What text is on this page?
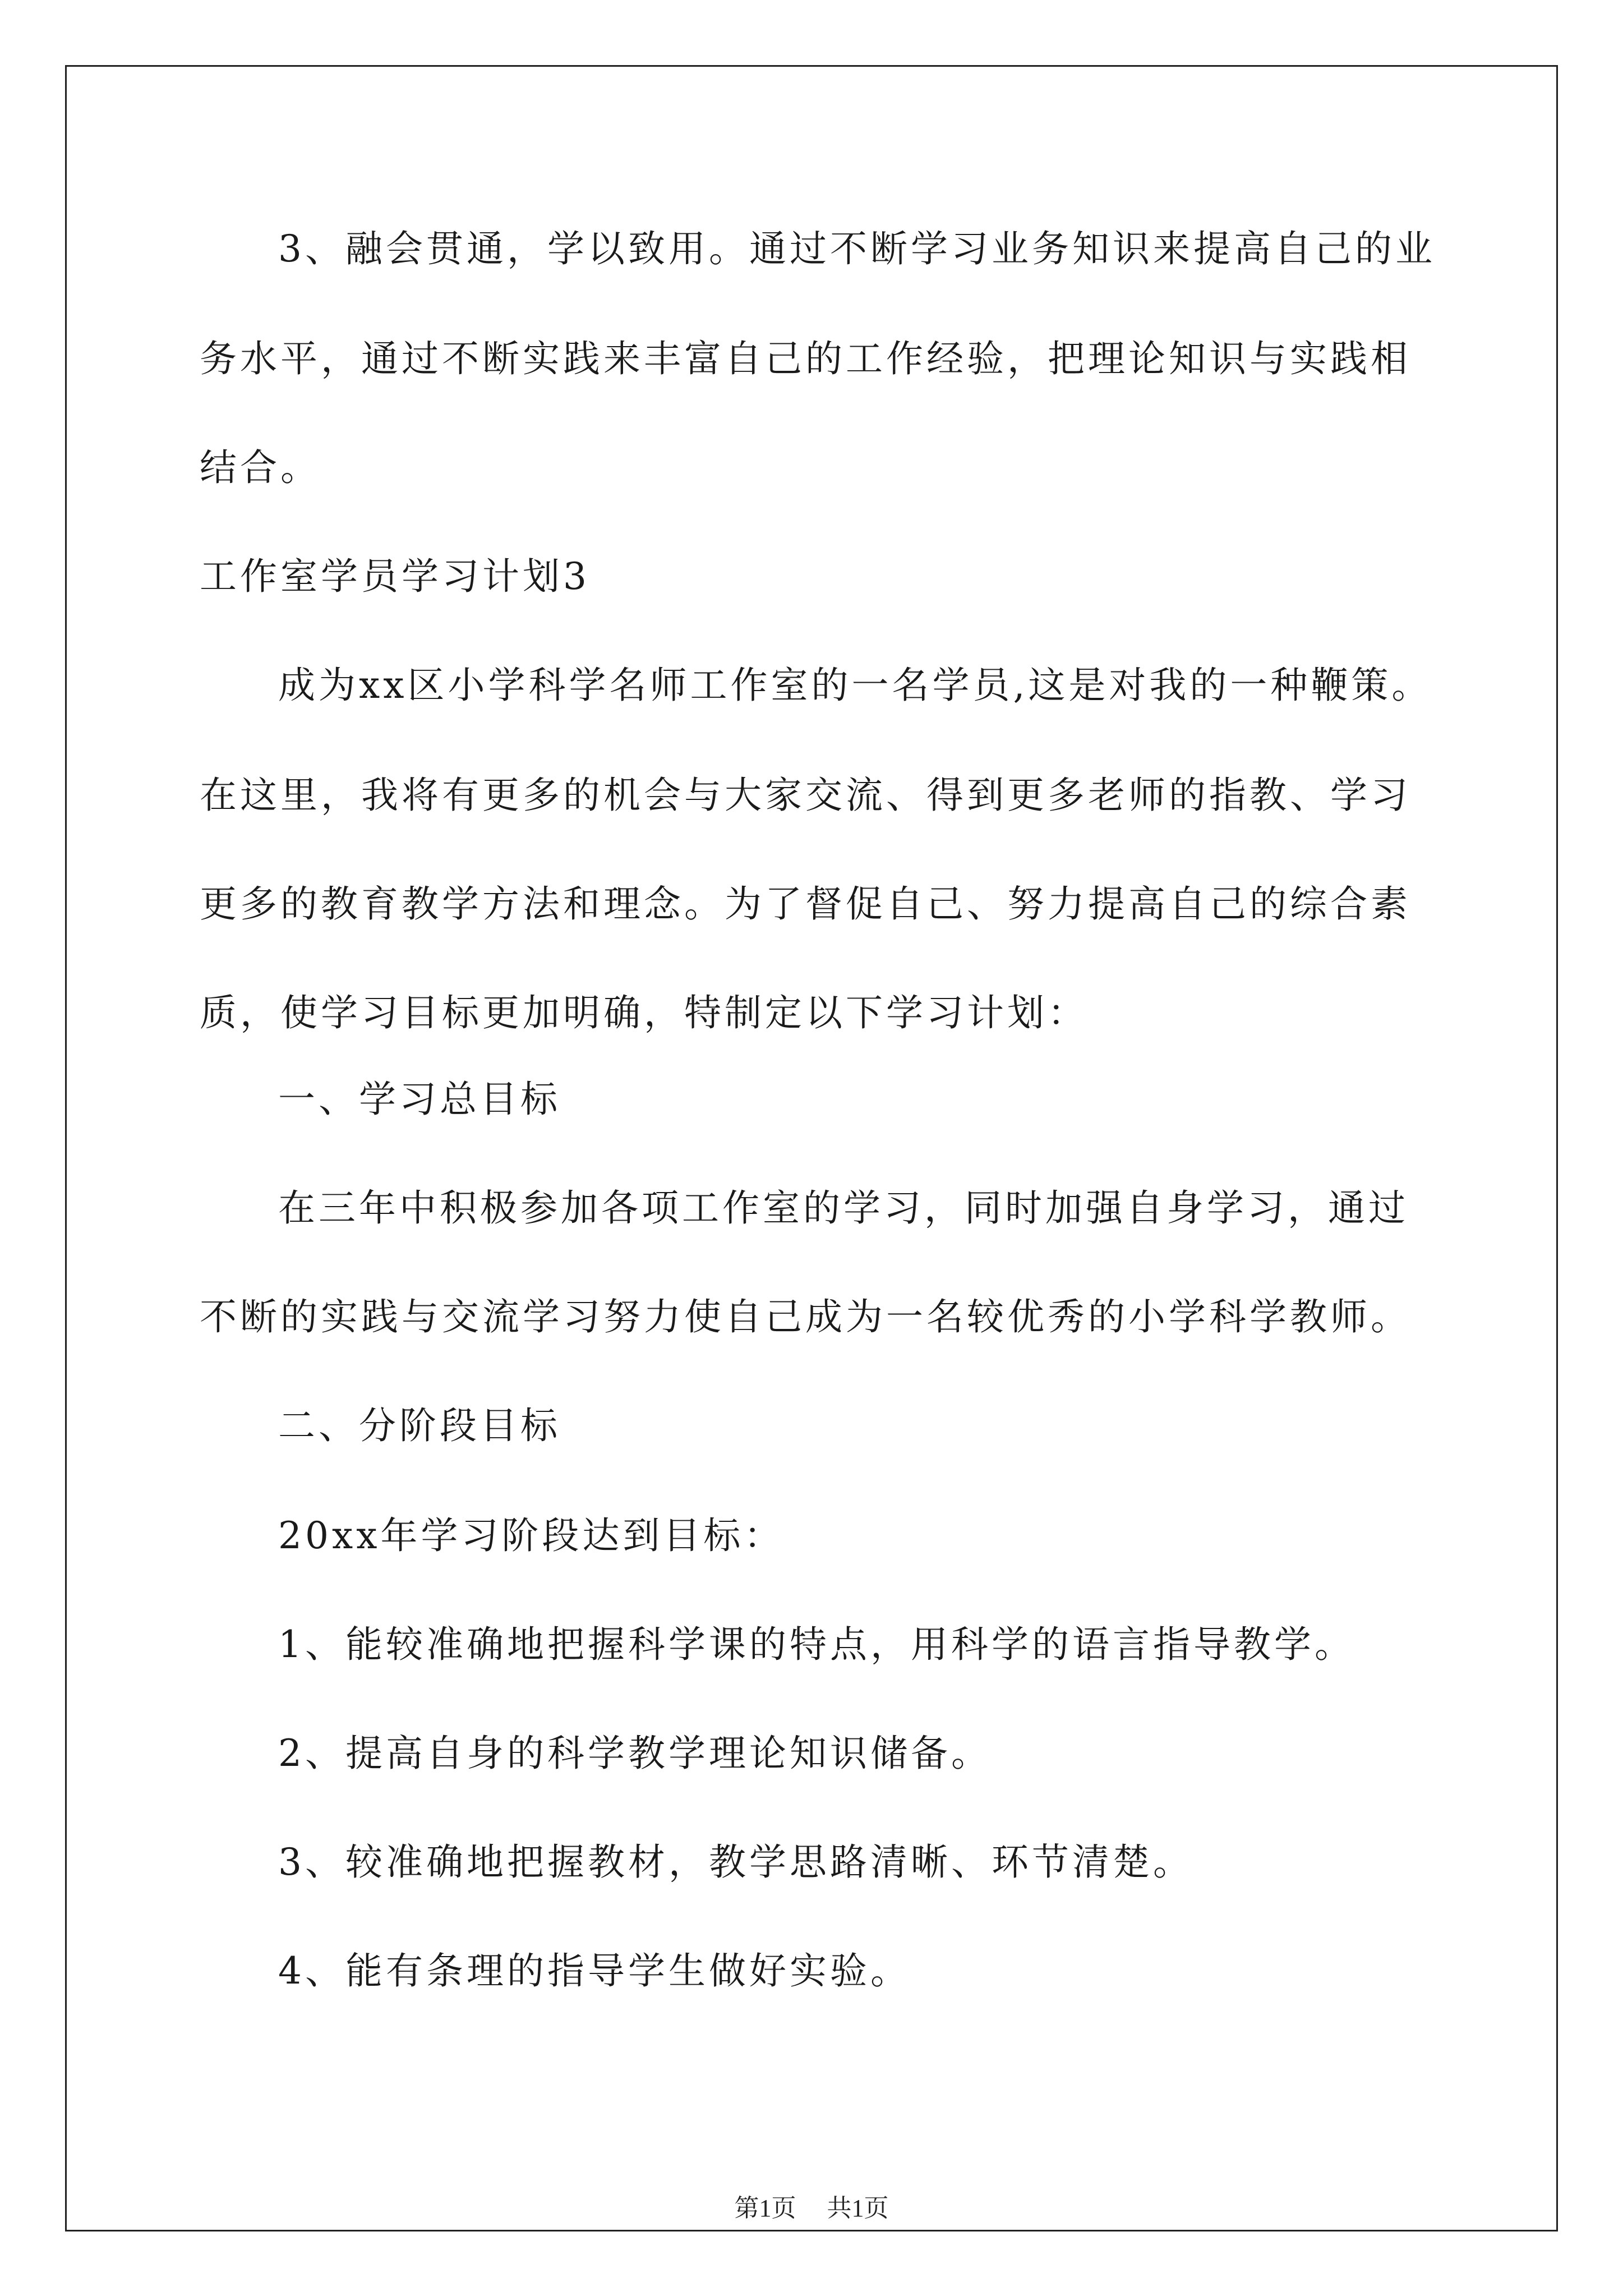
3、融会贯通，学以致用。通过不断学习业务知识来提高自己的业

务水平，通过不断实践来丰富自己的工作经验，把理论知识与实践相

结合。

工作室学员学习计划3

成为xx区小学科学名师工作室的一名学员,这是对我的一种鞭策。

在这里，我将有更多的机会与大家交流、得到更多老师的指教、学习

更多的教育教学方法和理念。为了督促自己、努力提高自己的综合素

质，使学习目标更加明确，特制定以下学习计划：

一、学习总目标

在三年中积极参加各项工作室的学习，同时加强自身学习，通过

不断的实践与交流学习努力使自己成为一名较优秀的小学科学教师。

二、分阶段目标

20xx年学习阶段达到目标：

1、能较准确地把握科学课的特点，用科学的语言指导教学。

2、提高自身的科学教学理论知识储备。

3、较准确地把握教材，教学思路清晰、环节清楚。

4、能有条理的指导学生做好实验。

第1页 共1页
